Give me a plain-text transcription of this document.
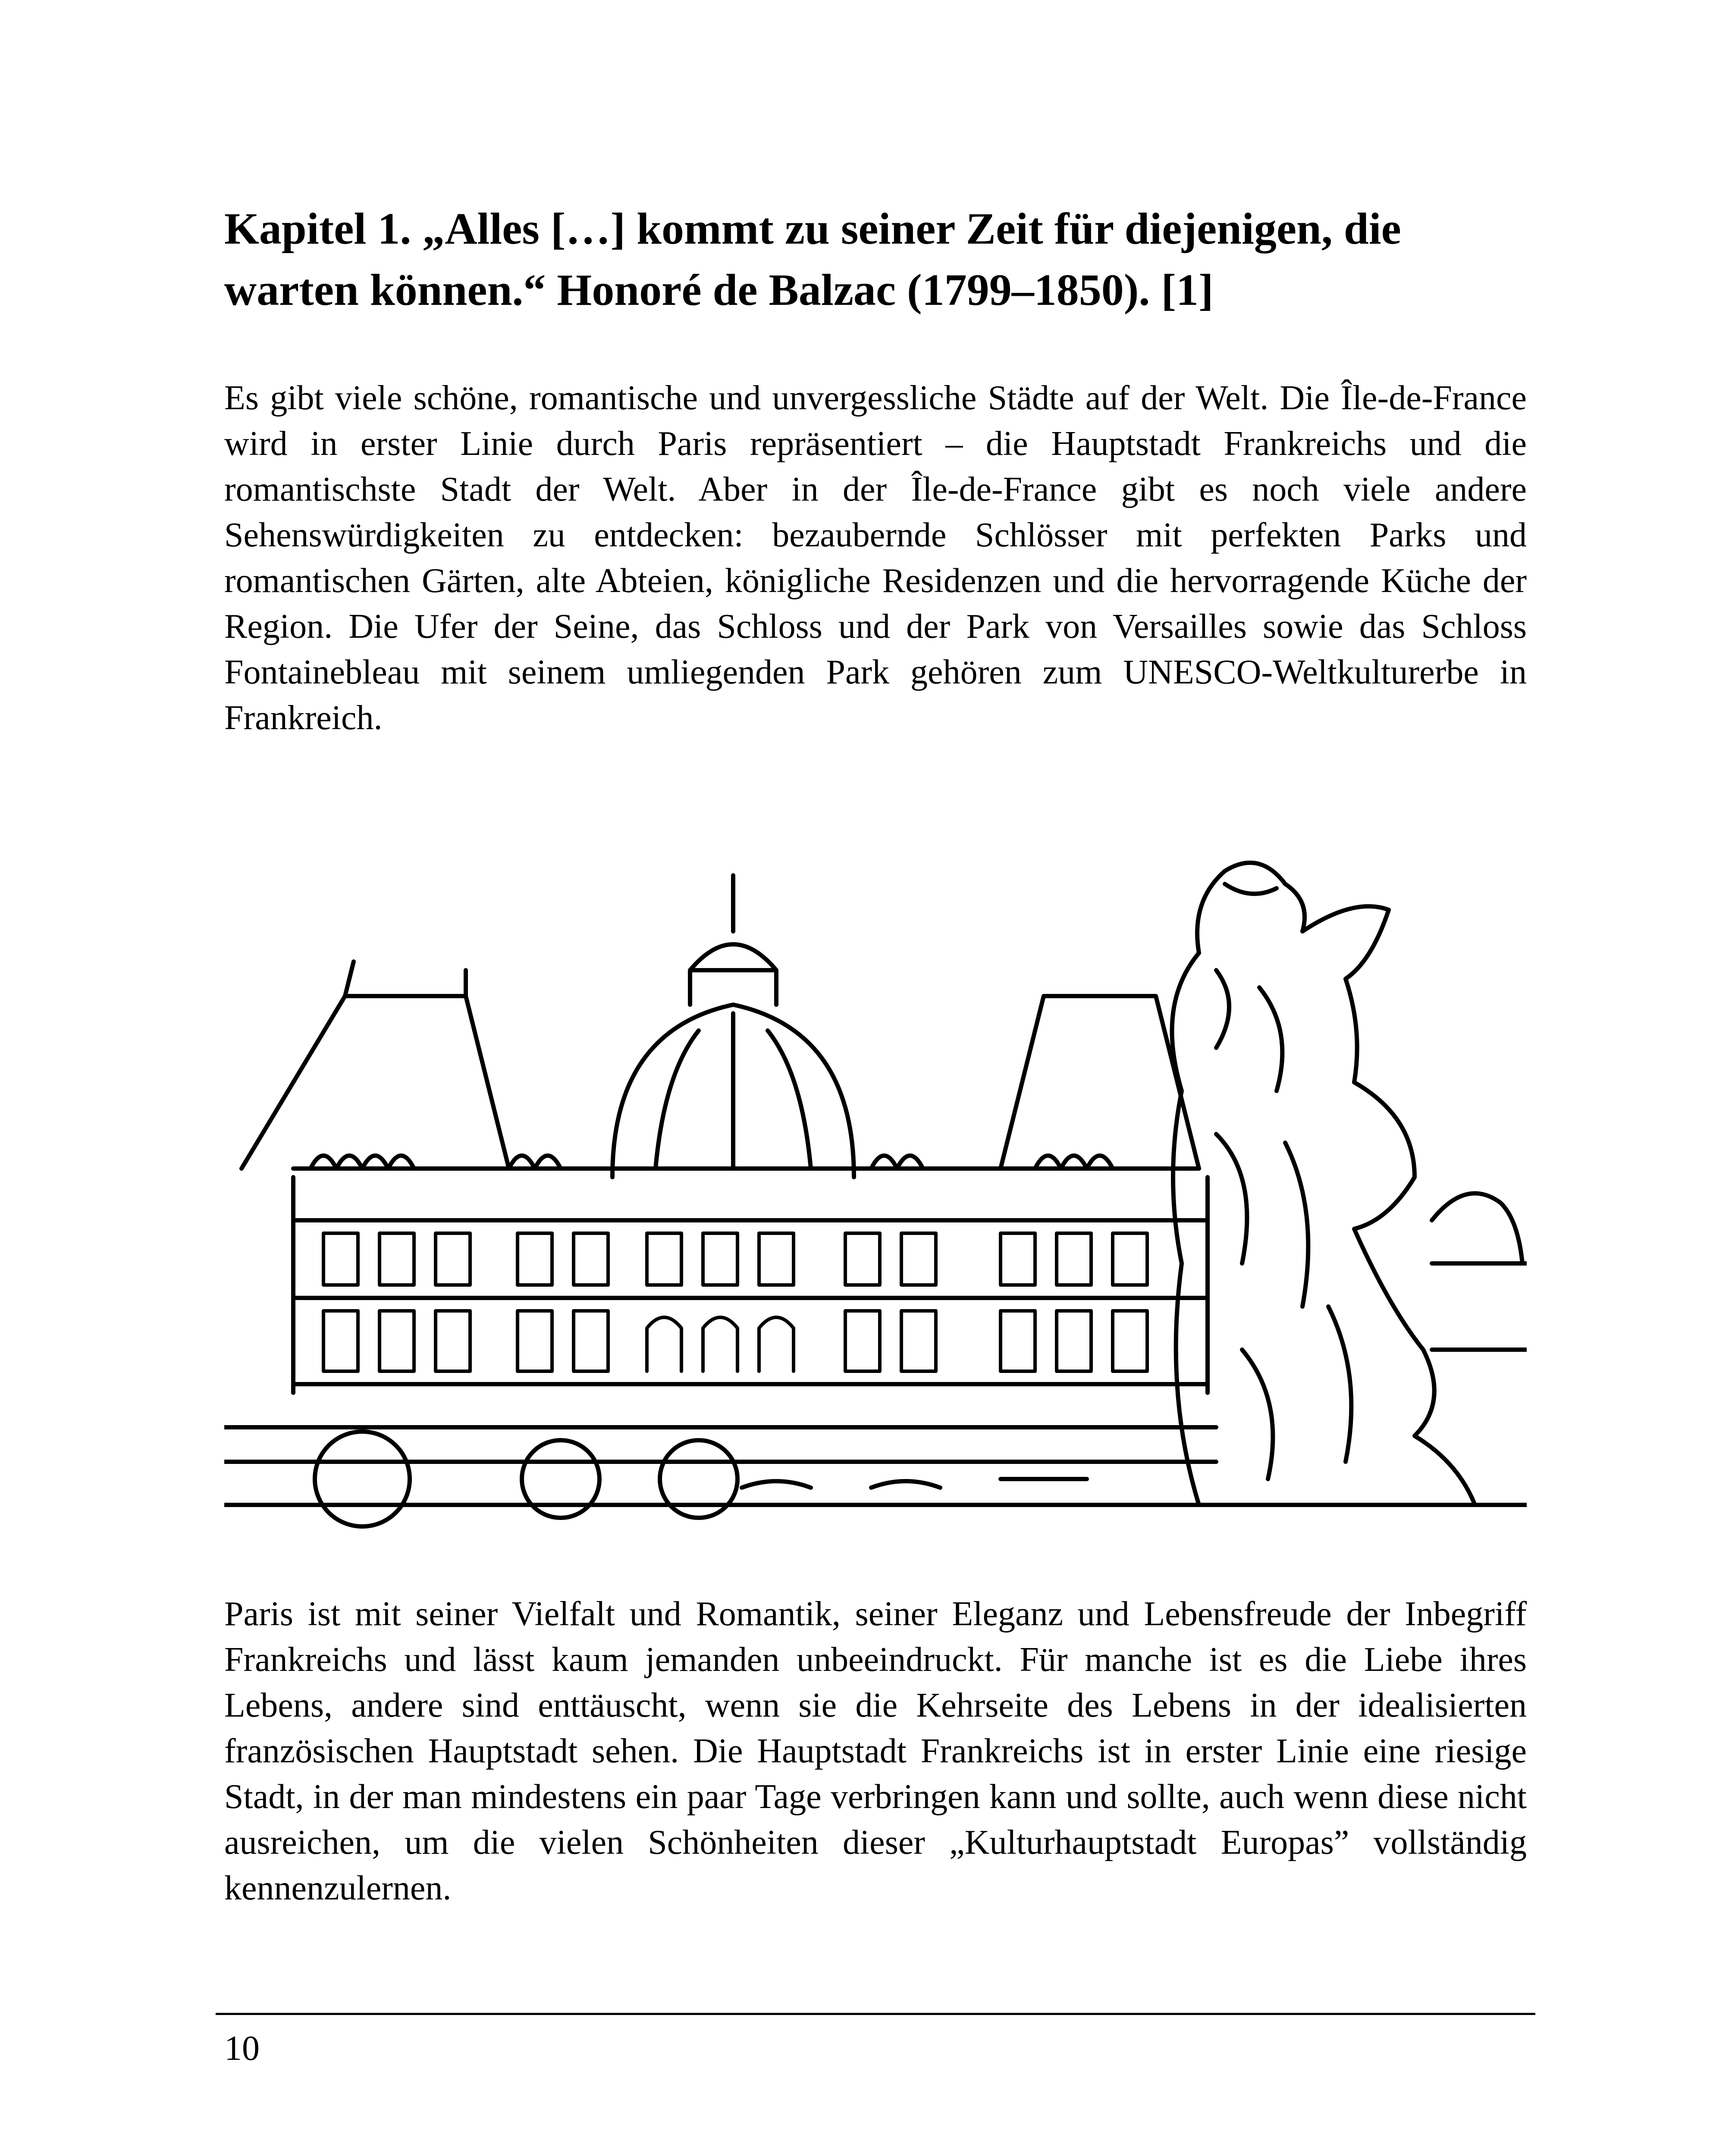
Kapitel 1. „Alles […] kommt zu seiner Zeit für diejenigen, die warten können.“ Honoré de Balzac (1799–1850). [1]

Es gibt viele schöne, romantische und unvergessliche Städte auf der Welt. Die Île-de-France wird in erster Linie durch Paris repräsentiert – die Hauptstadt Frankreichs und die romantischste Stadt der Welt. Aber in der Île-de-France gibt es noch viele andere Sehenswürdigkeiten zu entdecken: bezaubernde Schlösser mit perfekten Parks und romantischen Gärten, alte Abteien, königliche Residenzen und die hervorragende Küche der Region. Die Ufer der Seine, das Schloss und der Park von Versailles sowie das Schloss Fontainebleau mit seinem umliegenden Park gehören zum UNESCO-Weltkulturerbe in Frankreich.

Paris ist mit seiner Vielfalt und Romantik, seiner Eleganz und Lebensfreude der Inbegriff Frankreichs und lässt kaum jemanden unbeeindruckt. Für manche ist es die Liebe ihres Lebens, andere sind enttäuscht, wenn sie die Kehrseite des Lebens in der idealisierten französischen Hauptstadt sehen. Die Hauptstadt Frankreichs ist in erster Linie eine riesige Stadt, in der man mindestens ein paar Tage verbringen kann und sollte, auch wenn diese nicht ausreichen, um die vielen Schönheiten dieser „Kulturhauptstadt Europas” vollständig kennenzulernen.

10
